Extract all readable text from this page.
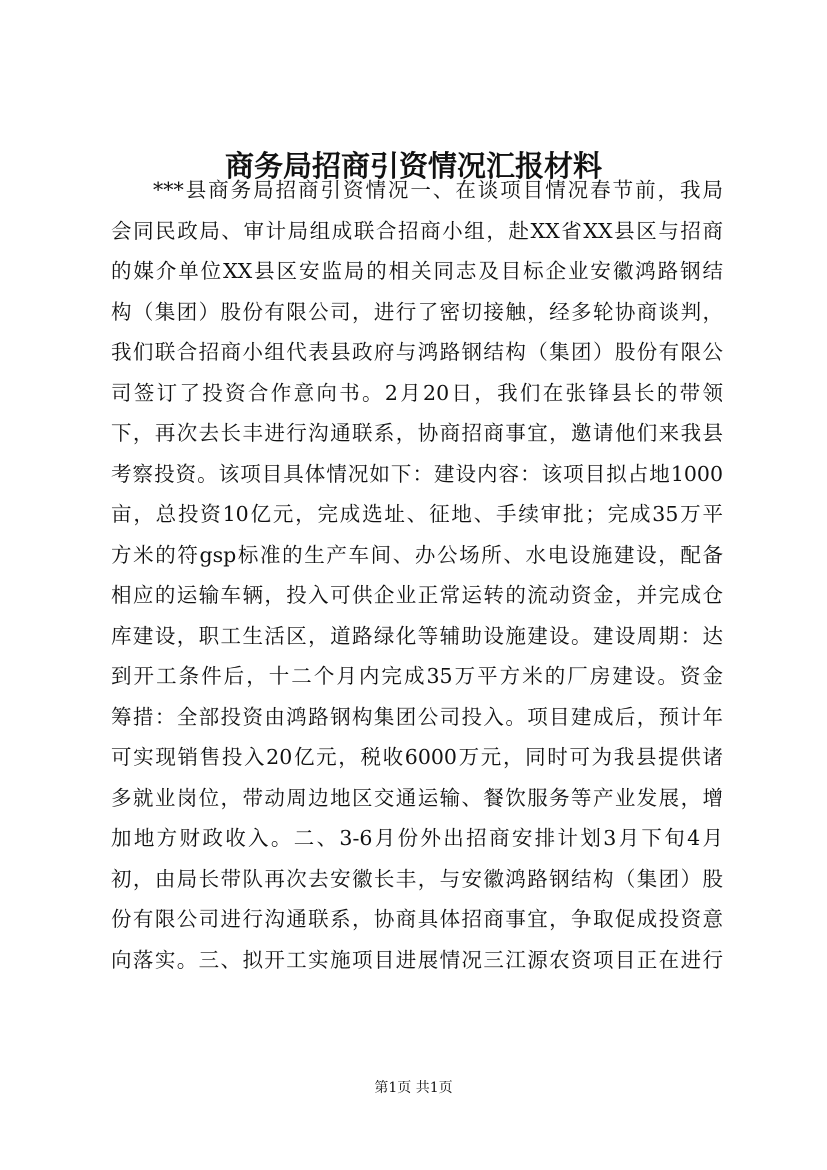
商务局招商引资情况汇报材料
***县商务局招商引资情况一、在谈项目情况春节前，我局
会同民政局、审计局组成联合招商小组，赴XX省XX县区与招商
的媒介单位XX县区安监局的相关同志及目标企业安徽鸿路钢结
构（集团）股份有限公司，进行了密切接触，经多轮协商谈判，
我们联合招商小组代表县政府与鸿路钢结构（集团）股份有限公
司签订了投资合作意向书。2月20日，我们在张锋县长的带领
下，再次去长丰进行沟通联系，协商招商事宜，邀请他们来我县
考察投资。该项目具体情况如下：建设内容：该项目拟占地1000
亩，总投资10亿元，完成选址、征地、手续审批；完成35万平
方米的符gsp标准的生产车间、办公场所、水电设施建设，配备
相应的运输车辆，投入可供企业正常运转的流动资金，并完成仓
库建设，职工生活区，道路绿化等辅助设施建设。建设周期：达
到开工条件后，十二个月内完成35万平方米的厂房建设。资金
筹措：全部投资由鸿路钢构集团公司投入。项目建成后，预计年
可实现销售投入20亿元，税收6000万元，同时可为我县提供诸
多就业岗位，带动周边地区交通运输、餐饮服务等产业发展，增
加地方财政收入。二、3-6月份外出招商安排计划3月下旬4月
初，由局长带队再次去安徽长丰，与安徽鸿路钢结构（集团）股
份有限公司进行沟通联系，协商具体招商事宜，争取促成投资意
向落实。三、拟开工实施项目进展情况三江源农资项目正在进行
第1页 共1页
